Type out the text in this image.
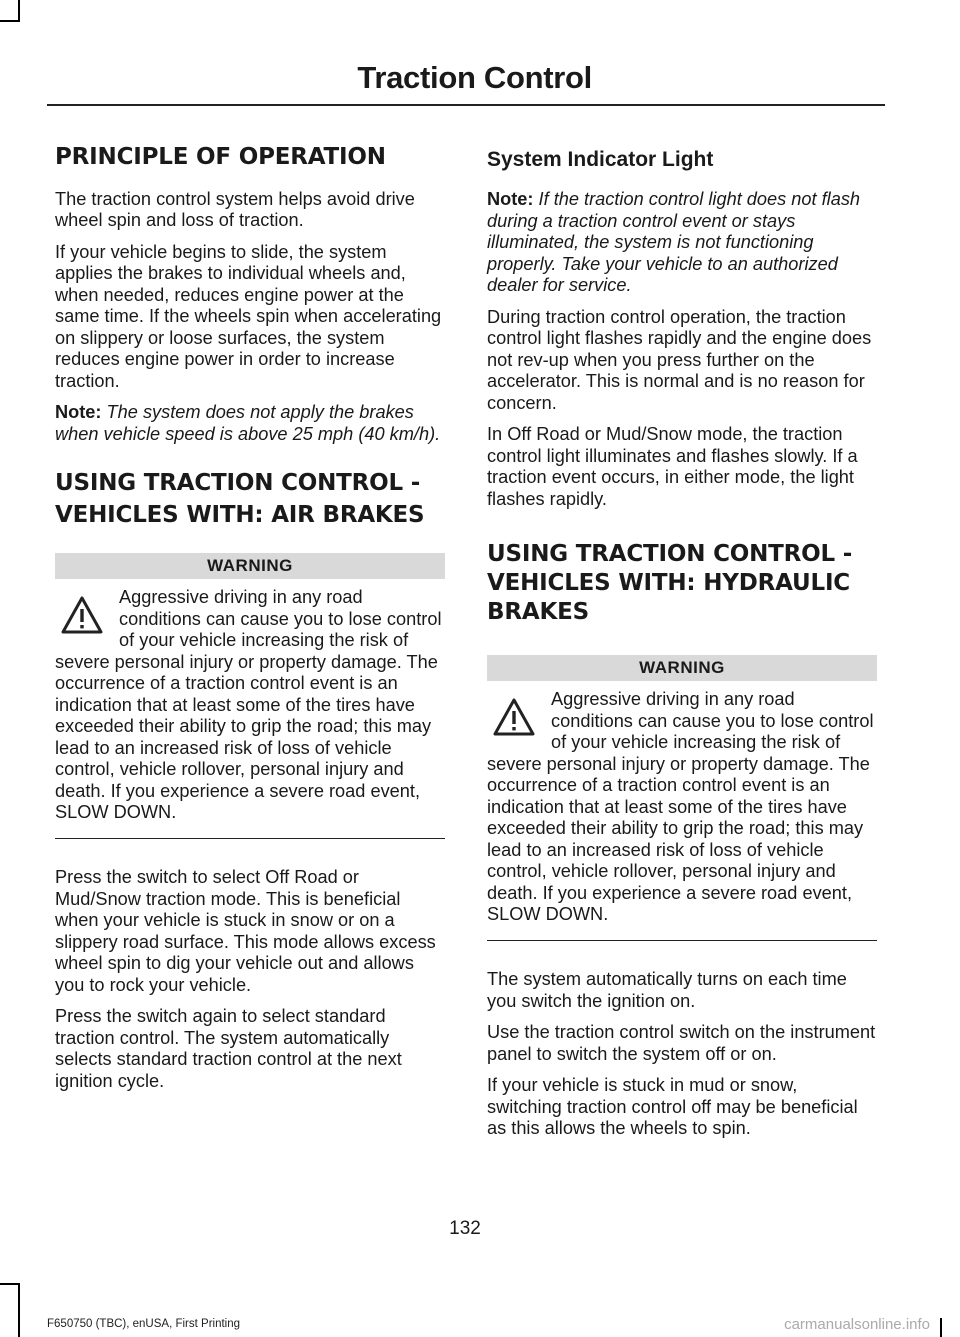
Traction Control
PRINCIPLE OF OPERATION

The traction control system helps avoid drive wheel spin and loss of traction.

If your vehicle begins to slide, the system applies the brakes to individual wheels and, when needed, reduces engine power at the same time. If the wheels spin when accelerating on slippery or loose surfaces, the system reduces engine power in order to increase traction.

Note: The system does not apply the brakes when vehicle speed is above 25 mph (40 km/h).

USING TRACTION CONTROL -
VEHICLES WITH: AIR BRAKES
WARNING

Aggressive driving in any road conditions can cause you to lose control of your vehicle increasing the risk of severe personal injury or property damage. The occurrence of a traction control event is an indication that at least some of the tires have exceeded their ability to grip the road; this may lead to an increased risk of loss of vehicle control, vehicle rollover, personal injury and death. If you experience a severe road event, SLOW DOWN.

Press the switch to select Off Road or Mud/Snow traction mode. This is beneficial when your vehicle is stuck in snow or on a slippery road surface. This mode allows excess wheel spin to dig your vehicle out and allows you to rock your vehicle.

Press the switch again to select standard traction control. The system automatically selects standard traction control at the next ignition cycle.

System Indicator Light

Note: If the traction control light does not flash during a traction control event or stays illuminated, the system is not functioning properly. Take your vehicle to an authorized dealer for service.

During traction control operation, the traction control light flashes rapidly and the engine does not rev-up when you press further on the accelerator. This is normal and is no reason for concern.

In Off Road or Mud/Snow mode, the traction control light illuminates and flashes slowly. If a traction event occurs, in either mode, the light flashes rapidly.

USING TRACTION CONTROL -
VEHICLES WITH: HYDRAULIC
BRAKES
WARNING

Aggressive driving in any road conditions can cause you to lose control of your vehicle increasing the risk of severe personal injury or property damage. The occurrence of a traction control event is an indication that at least some of the tires have exceeded their ability to grip the road; this may lead to an increased risk of loss of vehicle control, vehicle rollover, personal injury and death. If you experience a severe road event, SLOW DOWN.

The system automatically turns on each time you switch the ignition on.

Use the traction control switch on the instrument panel to switch the system off or on.

If your vehicle is stuck in mud or snow, switching traction control off may be beneficial as this allows the wheels to spin.

132
F650750 (TBC), enUSA, First Printing	carmanualsonline.info
